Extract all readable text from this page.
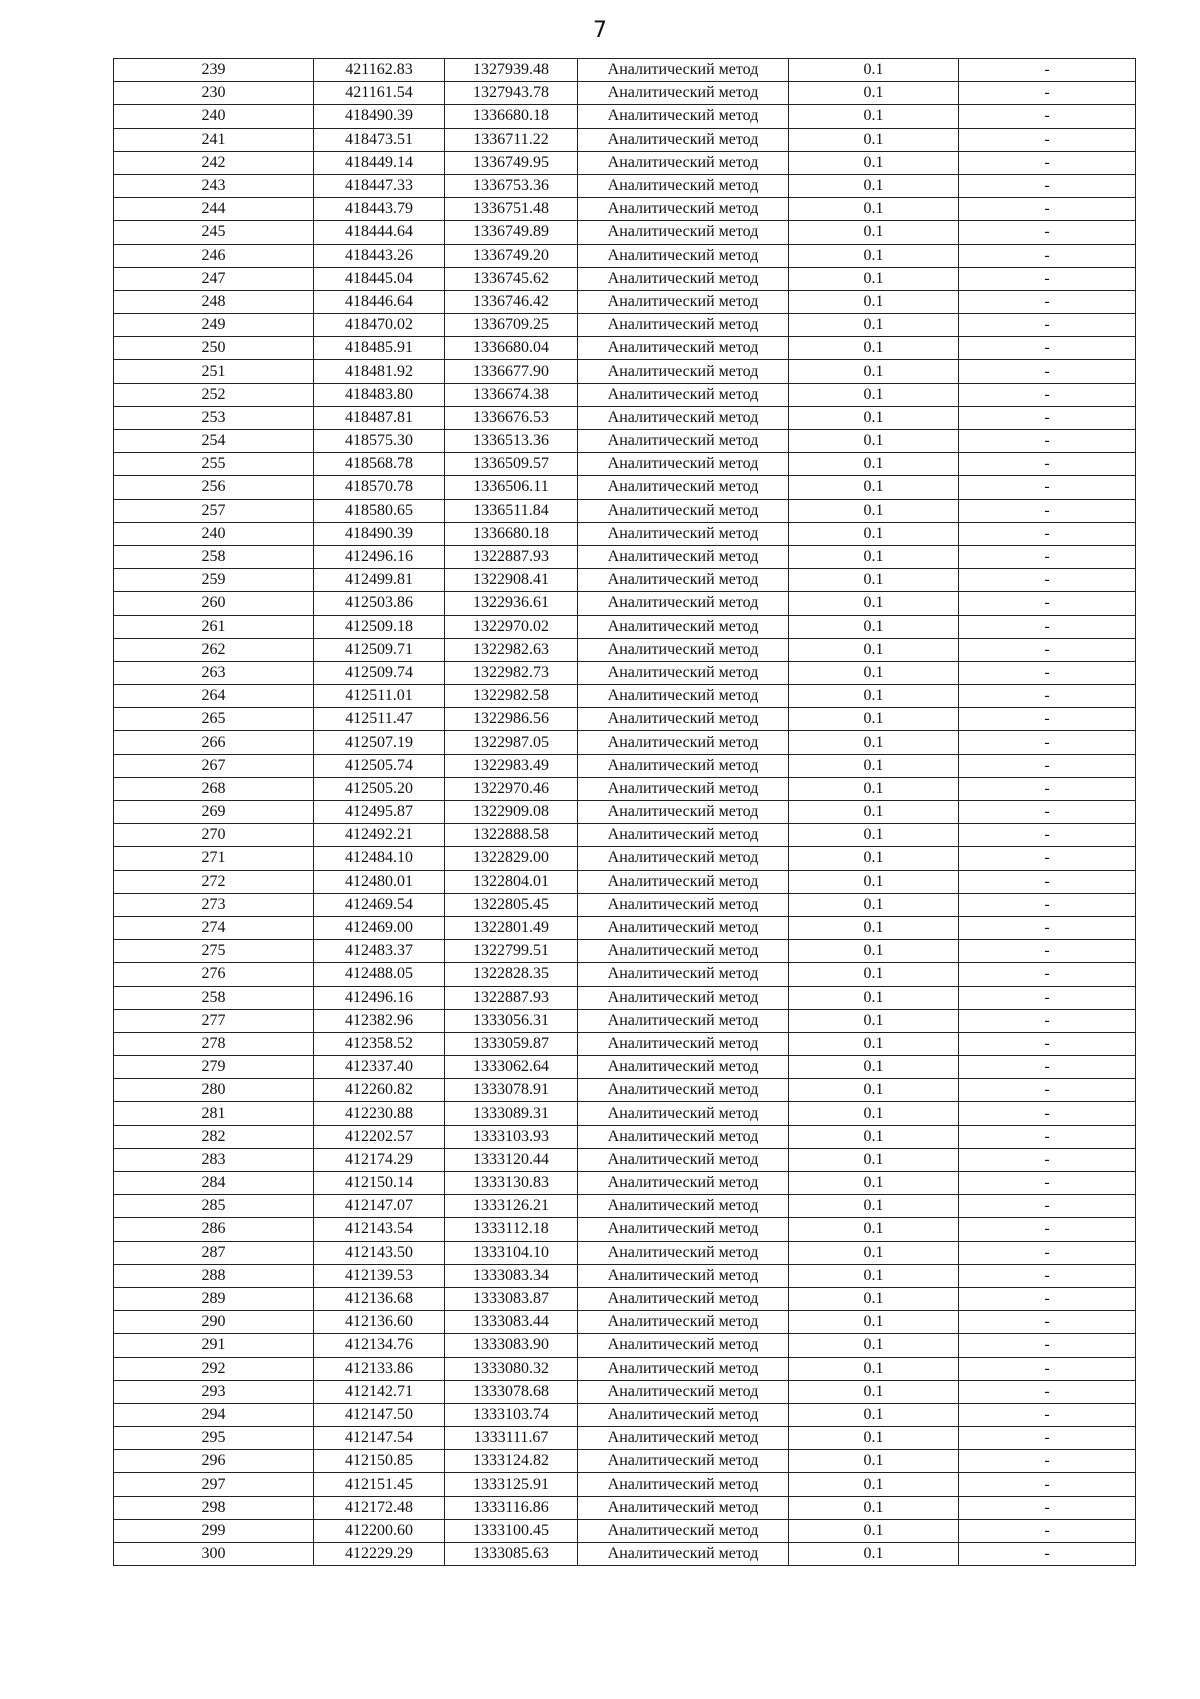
7
239	421162.83	1327939.48	Аналитический метод	0.1	-
230	421161.54	1327943.78	Аналитический метод	0.1	-
240	418490.39	1336680.18	Аналитический метод	0.1	-
241	418473.51	1336711.22	Аналитический метод	0.1	-
242	418449.14	1336749.95	Аналитический метод	0.1	-
243	418447.33	1336753.36	Аналитический метод	0.1	-
244	418443.79	1336751.48	Аналитический метод	0.1	-
245	418444.64	1336749.89	Аналитический метод	0.1	-
246	418443.26	1336749.20	Аналитический метод	0.1	-
247	418445.04	1336745.62	Аналитический метод	0.1	-
248	418446.64	1336746.42	Аналитический метод	0.1	-
249	418470.02	1336709.25	Аналитический метод	0.1	-
250	418485.91	1336680.04	Аналитический метод	0.1	-
251	418481.92	1336677.90	Аналитический метод	0.1	-
252	418483.80	1336674.38	Аналитический метод	0.1	-
253	418487.81	1336676.53	Аналитический метод	0.1	-
254	418575.30	1336513.36	Аналитический метод	0.1	-
255	418568.78	1336509.57	Аналитический метод	0.1	-
256	418570.78	1336506.11	Аналитический метод	0.1	-
257	418580.65	1336511.84	Аналитический метод	0.1	-
240	418490.39	1336680.18	Аналитический метод	0.1	-
258	412496.16	1322887.93	Аналитический метод	0.1	-
259	412499.81	1322908.41	Аналитический метод	0.1	-
260	412503.86	1322936.61	Аналитический метод	0.1	-
261	412509.18	1322970.02	Аналитический метод	0.1	-
262	412509.71	1322982.63	Аналитический метод	0.1	-
263	412509.74	1322982.73	Аналитический метод	0.1	-
264	412511.01	1322982.58	Аналитический метод	0.1	-
265	412511.47	1322986.56	Аналитический метод	0.1	-
266	412507.19	1322987.05	Аналитический метод	0.1	-
267	412505.74	1322983.49	Аналитический метод	0.1	-
268	412505.20	1322970.46	Аналитический метод	0.1	-
269	412495.87	1322909.08	Аналитический метод	0.1	-
270	412492.21	1322888.58	Аналитический метод	0.1	-
271	412484.10	1322829.00	Аналитический метод	0.1	-
272	412480.01	1322804.01	Аналитический метод	0.1	-
273	412469.54	1322805.45	Аналитический метод	0.1	-
274	412469.00	1322801.49	Аналитический метод	0.1	-
275	412483.37	1322799.51	Аналитический метод	0.1	-
276	412488.05	1322828.35	Аналитический метод	0.1	-
258	412496.16	1322887.93	Аналитический метод	0.1	-
277	412382.96	1333056.31	Аналитический метод	0.1	-
278	412358.52	1333059.87	Аналитический метод	0.1	-
279	412337.40	1333062.64	Аналитический метод	0.1	-
280	412260.82	1333078.91	Аналитический метод	0.1	-
281	412230.88	1333089.31	Аналитический метод	0.1	-
282	412202.57	1333103.93	Аналитический метод	0.1	-
283	412174.29	1333120.44	Аналитический метод	0.1	-
284	412150.14	1333130.83	Аналитический метод	0.1	-
285	412147.07	1333126.21	Аналитический метод	0.1	-
286	412143.54	1333112.18	Аналитический метод	0.1	-
287	412143.50	1333104.10	Аналитический метод	0.1	-
288	412139.53	1333083.34	Аналитический метод	0.1	-
289	412136.68	1333083.87	Аналитический метод	0.1	-
290	412136.60	1333083.44	Аналитический метод	0.1	-
291	412134.76	1333083.90	Аналитический метод	0.1	-
292	412133.86	1333080.32	Аналитический метод	0.1	-
293	412142.71	1333078.68	Аналитический метод	0.1	-
294	412147.50	1333103.74	Аналитический метод	0.1	-
295	412147.54	1333111.67	Аналитический метод	0.1	-
296	412150.85	1333124.82	Аналитический метод	0.1	-
297	412151.45	1333125.91	Аналитический метод	0.1	-
298	412172.48	1333116.86	Аналитический метод	0.1	-
299	412200.60	1333100.45	Аналитический метод	0.1	-
300	412229.29	1333085.63	Аналитический метод	0.1	-
